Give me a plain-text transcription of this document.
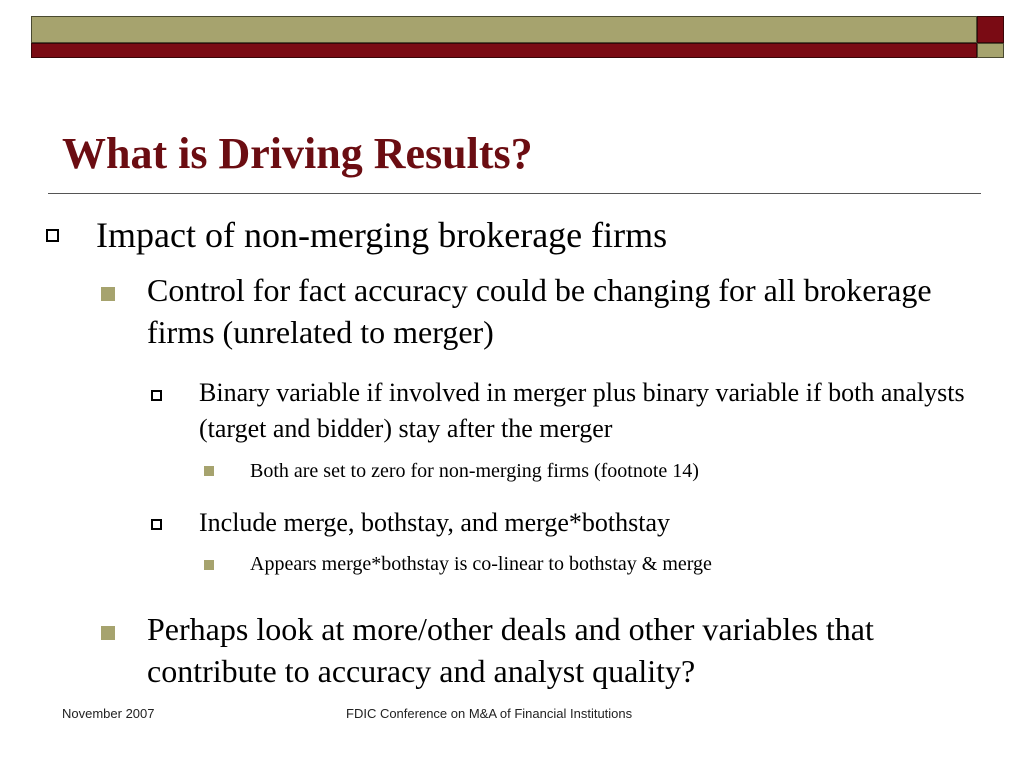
What is Driving Results?
Impact of non-merging brokerage firms
Control for fact accuracy could be changing for all brokerage firms (unrelated to merger)
Binary variable if involved in merger plus binary variable if both analysts (target and bidder) stay after the merger
Both are set to zero for non-merging firms (footnote 14)
Include merge, bothstay, and merge*bothstay
Appears merge*bothstay is co-linear to bothstay & merge
Perhaps look at more/other deals and other variables that contribute to accuracy and analyst quality?
November 2007	FDIC Conference on M&A of Financial Institutions
